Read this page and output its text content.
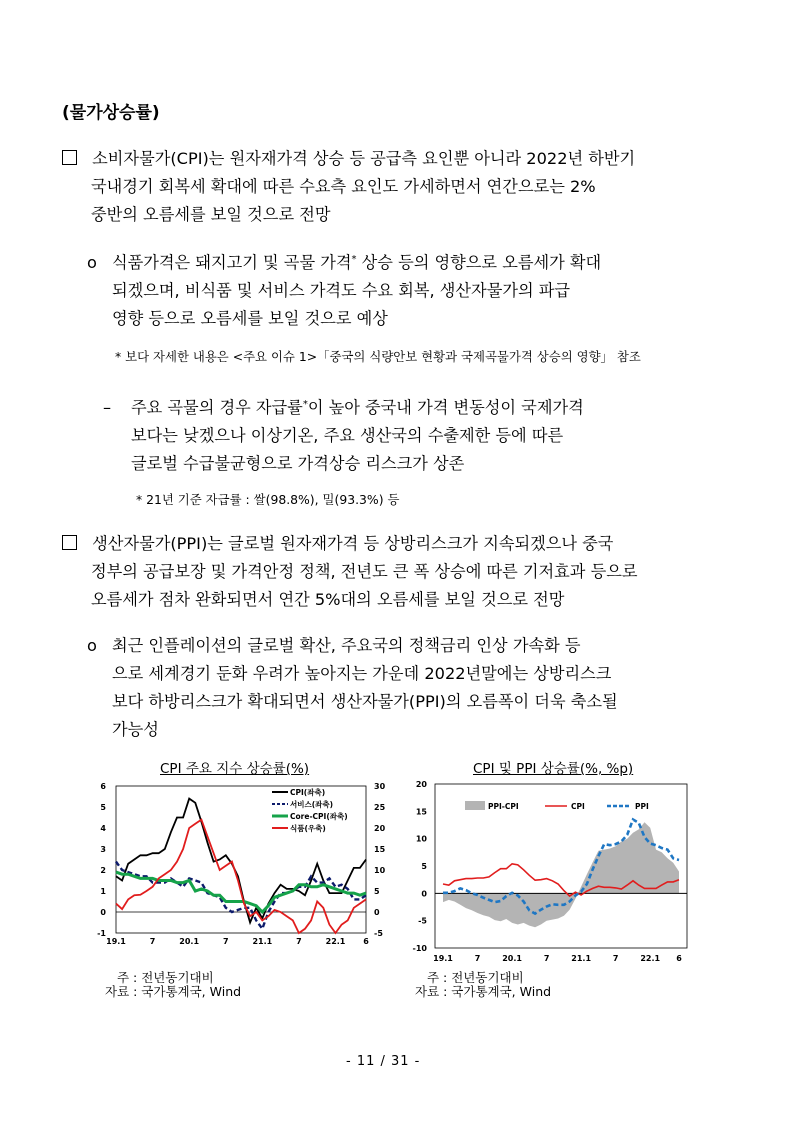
(물가상승률)
소비자물가(CPI)는 원자재가격 상승 등 공급측 요인뿐 아니라 2022년 하반기
국내경기 회복세 확대에 따른 수요측 요인도 가세하면서 연간으로는 2%
중반의 오름세를 보일 것으로 전망
o 식품가격은 돼지고기 및 곡물 가격* 상승 등의 영향으로 오름세가 확대
되겠으며, 비식품 및 서비스 가격도 수요 회복, 생산자물가의 파급
영향 등으로 오름세를 보일 것으로 예상
* 보다 자세한 내용은 <주요 이슈 1>「중국의 식량안보 현황과 국제곡물가격 상승의 영향」 참조
– 주요 곡물의 경우 자급률*이 높아 중국내 가격 변동성이 국제가격
보다는 낮겠으나 이상기온, 주요 생산국의 수출제한 등에 따른
글로벌 수급불균형으로 가격상승 리스크가 상존
* 21년 기준 자급률 : 쌀(98.8%), 밀(93.3%) 등
생산자물가(PPI)는 글로벌 원자재가격 등 상방리스크가 지속되겠으나 중국
정부의 공급보장 및 가격안정 정책, 전년도 큰 폭 상승에 따른 기저효과 등으로
오름세가 점차 완화되면서 연간 5%대의 오름세를 보일 것으로 전망
o 최근 인플레이션의 글로벌 확산, 주요국의 정책금리 인상 가속화 등
으로 세계경기 둔화 우려가 높아지는 가운데 2022년말에는 상방리스크
보다 하방리스크가 확대되면서 생산자물가(PPI)의 오름폭이 더욱 축소될
가능성
CPI 주요 지수 상승률(%)	CPI 및 PPI 상승률(%, %p)
6
5
4
3
2
1
0
-1
30
25
20
15
10
5
0
-5
19.1	7	20.1	7	21.1	7	22.1 6
CPI(좌축)
서비스(좌축)
Core-CPI(좌축)
식품(우축)
20
15
10
5
0
-5
-10
19.1	7	20.1	7	21.1	7	22.1 6
PPI-CPI	CPI	PPI
주 : 전년동기대비
자료 : 국가통계국, Wind
주 : 전년동기대비
자료 : 국가통계국, Wind
- 11 / 31 -
